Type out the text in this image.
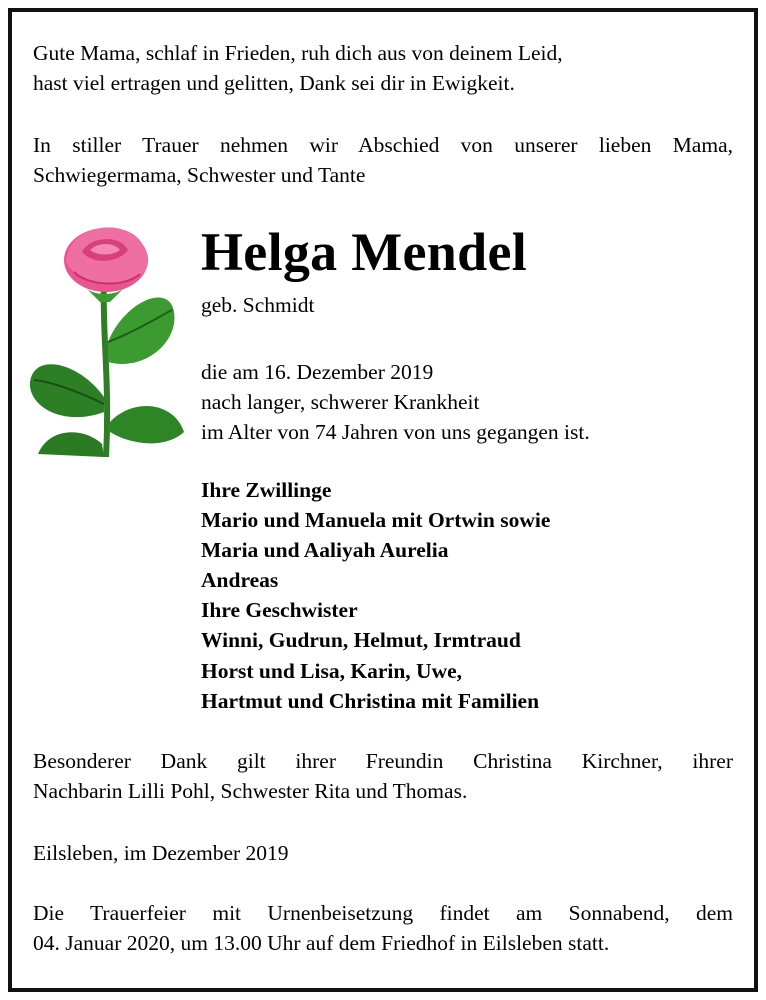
Gute Mama, schlaf in Frieden, ruh dich aus von deinem Leid,
hast viel ertragen und gelitten, Dank sei dir in Ewigkeit.
In stiller Trauer nehmen wir Abschied von unserer lieben Mama,
Schwiegermama, Schwester und Tante
Helga Mendel
geb. Schmidt
die am 16. Dezember 2019
nach langer, schwerer Krankheit
im Alter von 74 Jahren von uns gegangen ist.
Ihre Zwillinge
Mario und Manuela mit Ortwin sowie
Maria und Aaliyah Aurelia
Andreas
Ihre Geschwister
Winni, Gudrun, Helmut, Irmtraud
Horst und Lisa, Karin, Uwe,
Hartmut und Christina mit Familien
Besonderer Dank gilt ihrer Freundin Christina Kirchner, ihrer
Nachbarin Lilli Pohl, Schwester Rita und Thomas.
Eilsleben, im Dezember 2019
Die Trauerfeier mit Urnenbeisetzung findet am Sonnabend, dem
04. Januar 2020, um 13.00 Uhr auf dem Friedhof in Eilsleben statt.
